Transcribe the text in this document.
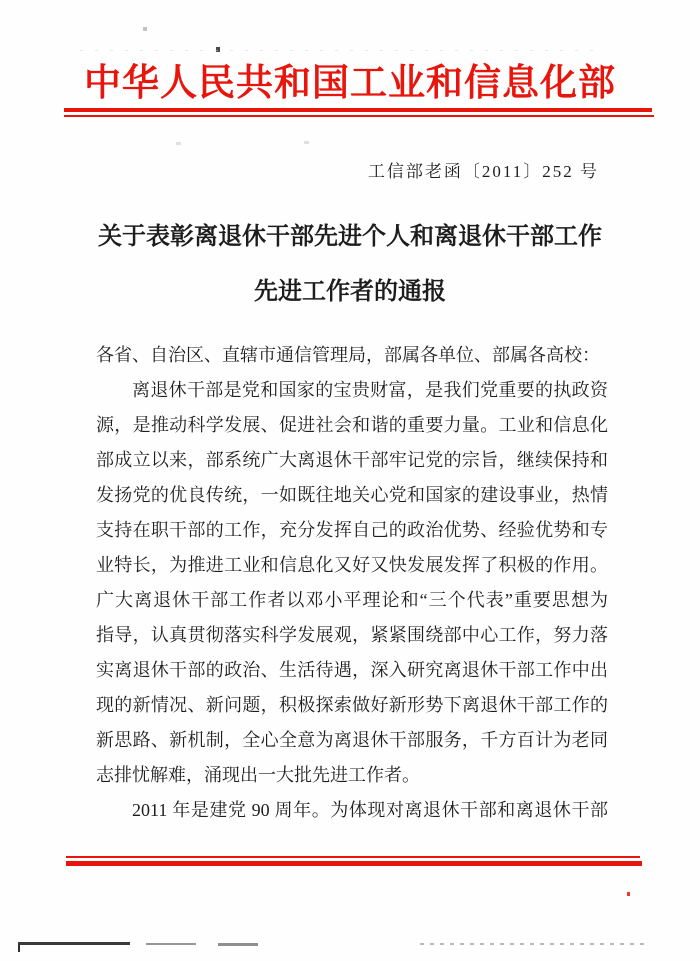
中华人民共和国工业和信息化部
工信部老函〔2011〕252 号
关于表彰离退休干部先进个人和离退休干部工作
先进工作者的通报
各省、自治区、直辖市通信管理局，部属各单位、部属各高校：
离退休干部是党和国家的宝贵财富，是我们党重要的执政资
源，是推动科学发展、促进社会和谐的重要力量。工业和信息化
部成立以来，部系统广大离退休干部牢记党的宗旨，继续保持和
发扬党的优良传统，一如既往地关心党和国家的建设事业，热情
支持在职干部的工作，充分发挥自己的政治优势、经验优势和专
业特长，为推进工业和信息化又好又快发展发挥了积极的作用。
广大离退休干部工作者以邓小平理论和“三个代表”重要思想为
指导，认真贯彻落实科学发展观，紧紧围绕部中心工作，努力落
实离退休干部的政治、生活待遇，深入研究离退休干部工作中出
现的新情况、新问题，积极探索做好新形势下离退休干部工作的
新思路、新机制，全心全意为离退休干部服务，千方百计为老同
志排忧解难，涌现出一大批先进工作者。
2011 年是建党 90 周年。为体现对离退休干部和离退休干部
